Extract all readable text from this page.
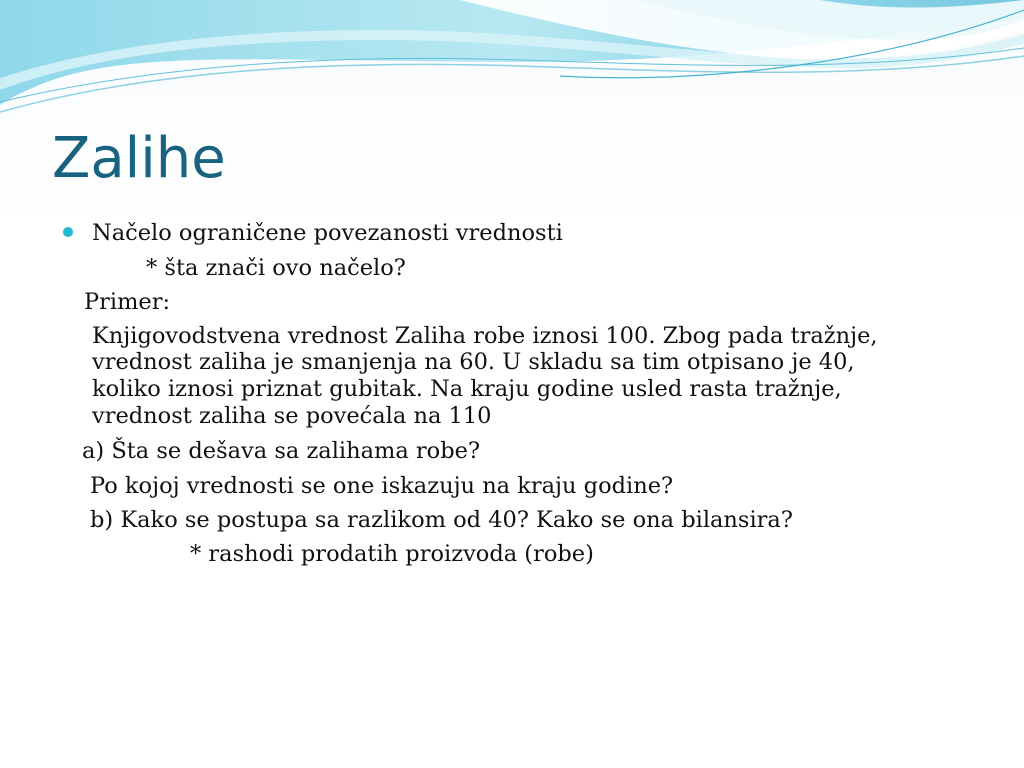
Zalihe
Načelo ograničene povezanosti vrednosti
* šta znači ovo načelo?
Primer:
Knjigovodstvena vrednost Zaliha robe iznosi 100. Zbog pada tražnje,
vrednost zaliha je smanjenja na 60. U skladu sa tim otpisano je 40,
koliko iznosi priznat gubitak. Na kraju godine usled rasta tražnje,
vrednost zaliha se povećala na 110
a) Šta se dešava sa zalihama robe?
Po kojoj vrednosti se one iskazuju na kraju godine?
b) Kako se postupa sa razlikom od 40? Kako se ona bilansira?
* rashodi prodatih proizvoda (robe)
